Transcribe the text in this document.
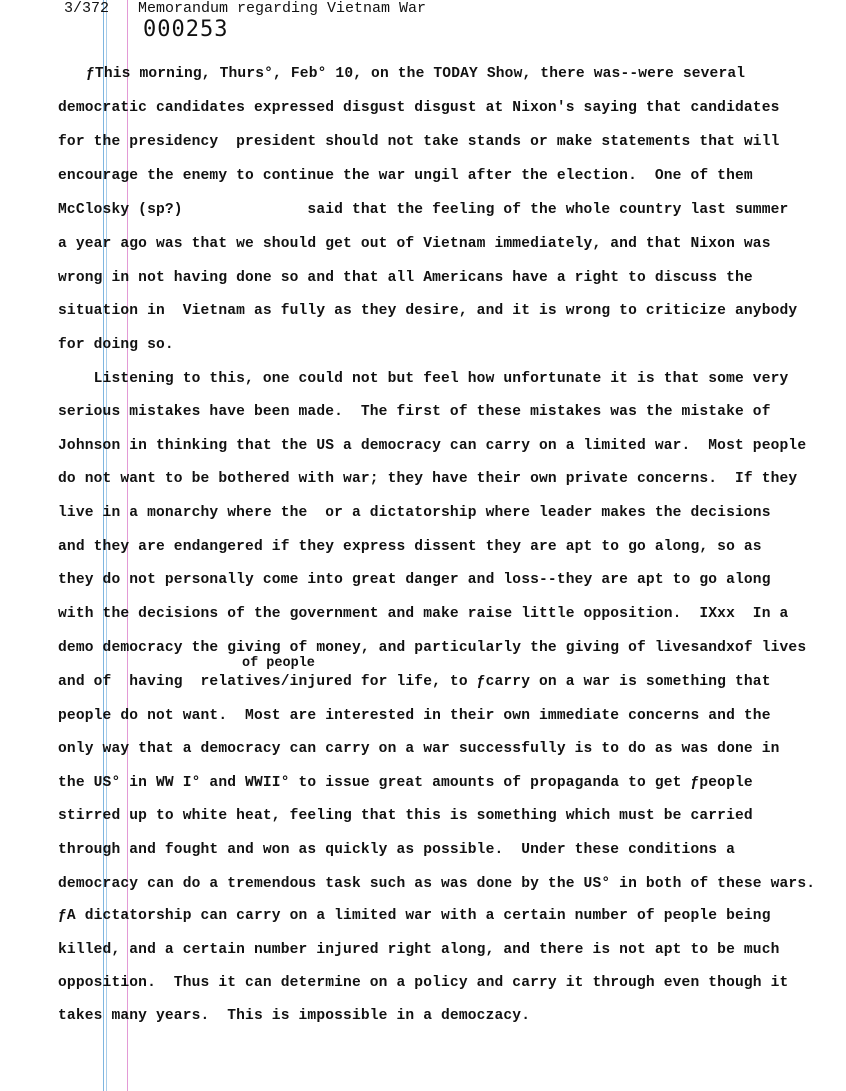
3/372 Memorandum regarding Vietnam War
000253
ƒThis morning, Thurs°, Feb° 10, on the TODAY Show, there was--were several
democratic candidates expressed disgust disgust at Nixon's saying that candidates
for the presidency  president should not take stands or make statements that will
encourage the enemy to continue the war ungil after the election.  One of them
McClosky (sp?)              said that the feeling of the whole country last summer
a year ago was that we should get out of Vietnam immediately, and that Nixon was
wrong in not having done so and that all Americans have a right to discuss the
situation in  Vietnam as fully as they desire, and it is wrong to criticize anybody
for doing so.
Listening to this, one could not but feel how unfortunate it is that some very
serious mistakes have been made.  The first of these mistakes was the mistake of
Johnson in thinking that the US a democracy can carry on a limited war.  Most people
do not want to be bothered with war; they have their own private concerns.  If they
live in a monarchy where the  or a dictatorship where leader makes the decisions
and they are endangered if they express dissent they are apt to go along, so as
they do not personally come into great danger and loss--they are apt to go along
with the decisions of the government and make raise little opposition.  IXxx  In a
demo democracy the giving of money, and particularly the giving of livesandxof lives
of people
and of  having  relatives/injured for life, to ƒcarry on a war is something that
people do not want.  Most are interested in their own immediate concerns and the
only way that a democracy can carry on a war successfully is to do as was done in
the US° in WW I° and WWII° to issue great amounts of propaganda to get ƒpeople
stirred up to white heat, feeling that this is something which must be carried
through and fought and won as quickly as possible.  Under these conditions a
democracy can do a tremendous task such as was done by the US° in both of these wars.
ƒA dictatorship can carry on a limited war with a certain number of people being
killed, and a certain number injured right along, and there is not apt to be much
opposition.  Thus it can determine on a policy and carry it through even though it
takes many years.  This is impossible in a democzacy.
